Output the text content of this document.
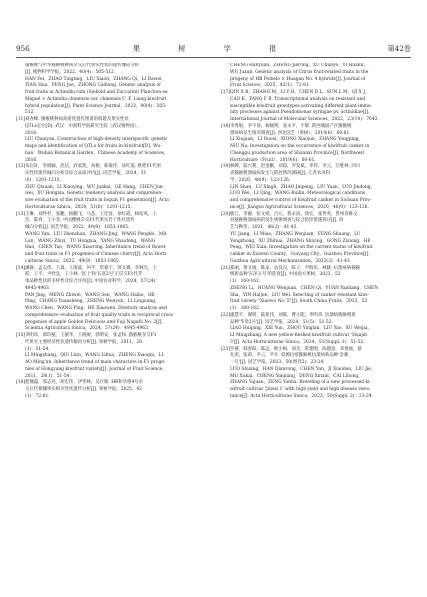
956	果 树 学 报	第42卷
猕猴桃与中华猕猴桃种间杂交后代果实性状的遗传倾向分析
[J]. 植物科学学报，2022，40(4)：505-512.
HAN Fei，ZHAO Tingting，LIU Xiaoli，ZHANG Qi，LI Dawei，
TIAN Hua，PENG Jue，ZHONG Caihong. Genetic analysis of
fruit traits in Actinidia rufa (Siebold and Zuccarini) Planchon ex
Miquel × Actinidia chinensis var. chinensis C. F. Liang kiwifruit
hybrid population[J]. Plant Science Journal，2022，40(4)：505-
512.
[11] 刘春峰. 猕猴桃种间高密度遗传图谱的构建及果实性状
QTLs定位[D]. 武汉：中国科学院研究生院（武汉植物园），
2016.
LIU Chunyan. Construction of high-density interspecific genetic
maps and identification of QTLs for fruits in kiwifruit[D]. Wu-
han：Wuhan Botanical Garden，Chinese Academy of Sciences，
2016.
[12] 朱启轩，李晓颖，武洁，武家凯，高根，陈俊伟，徐红霞. 枇杷F1代果
实性状遗传倾向分析及综合品质评价[J]. 园艺学报，2024，51
(6)：1201-1215.
ZHU Qixuan，LI Xiaoying，WU Junkai，GE Hang，CHEN Jun-
wei，XU Hongxia. Genetic tendency analysis and comprehen-
sive evaluation of the fruit traits in loquat F1 generation[J]. Acta
Horticulturae Sinica，2024，51(6)：1201-1215.
[13] 王琳，刘怀杉，张鹏，杨鹏飞，马荟，王佳蓉，徐红霞，杨绍凤，王
浩，陈春，王小菲. 中国樱桃杂交F1代果实若干性状遗传
倾向分析[J]. 园艺学报，2022，49(9)：1853-1865.
WANG Yan，LIU Zhenshan，ZHANG Jing，WANG Pengfei，MA
Lun，WANG Zhiyi，TU Hongxia，YANG Shaofeng，WANG
Hao，CHEN Tao，WANG Xiaorong. Inheritance trend of flower
and fruit traits in F1 progenies of Chinese cherry[J]. Acta Horti-
culturae Sinica，2022，49(9)：1853-1865.
[14] 潘静，孟志伟，王森，王海波，何平，常蒙宇，郭文赛，李林光，王
跃，王平，尹欣宜，王小林. '富士'和'长富2号'正反交F1代苹
果品种性状的多样性及综合评价[J]. 中国农业科学，2024，57(24)：
4945-4963.
PAN Jing，MENG Zhiwei，WANG Sen，WANG Haibo，HE
Ping，CHANG Yuansheng，ZHENG Wenyun，LI Linguang，
WANG Chen，WANG Ping，HE Xiaowen. Diversity analysis and
comprehensive evaluation of fruit quality traits in reciprocal cross
progenies of apple Golden Delicious and Fuji Nagafu No. 2[J].
Scientia Agricultura Sinica，2024，57(24)：4945-4963.
[15] 李明章，邱均植，王骏华，王晓俊，郭明安，张孟和. 猕猴桃杂交F1
代果实主要经济性状遗传倾向分析[J]. 果树学报，2011，28
(1)：51-54.
LI Mingzhang，QIU Linu，WANG Lihua，ZHENG Xiaoqin，LI-
AO Ming'an. Inheritance trend of main characters in F1 proge-
nies of Hongyang kiwifruit variety[J]. Journal of Fruit Science，
2011，28(1)：51-54.
[16] 程豫磊，邹志亮，胡宏伟，伊华林，吴巨勋. HB和华柑4号杂
交后代柑橘果实相关性状遗传分析[J]. 果树学报，2025，42
(1)：72-81.
CHENG Hanyuan，ZHENG Jierong，XU Chunye，YI Hualin，
WU Juxun. Genetic analysis of Citrus fruit-related traits in the
progeny of HB Pomelo × Huagan No. 4 hybrids[J]. Journal of
Fruit Science，2025，42(1)：72-81.
[17] QIN X B，ZHANG M，LI Y H，CHEN D L，SUN L M，QI X J，
CAO K，FANG F B. Transcriptional analysis on resistant and
susceptible kiwifruit genotypes activating different plant-immu-
nity processes against Pseudomonas syringae pv. actinidiae[J].
International Journal of Molecular Sciences，2022，23(14)：7643.
[18] 李秀娟，李宇徐，杨婉瑛，张永平，牛黎. 陕西城固产区猕猴桃
溃疡病发生情况调查[J]. 西北园艺（果树），2019(6)：60-61.
LI Xiujuan，LI Duoxi，XIONG Xiaojun，ZHANG Yongping，
NIU Na. Investigation on the occurrence of kiwifruit canker in
Chenggu production area of Shaanxi Province[J]. Northwest
Horticulture（Fruit），2019(6)：60-61.
[19] 林嫦，陆兴利，赵金鹏，刘琼，罗发斌，李伟，李云，汪胜林. 四川
省猕猴桃溃疡病发生与防控情况调研[J]. 江苏农业科
学，2020，48(9)：123-126.
LIN Shan，LU Xingli，ZHAO Jinpeng，LIU Yuan，LUO Jindong，
LUO Wei，LI Qing，WANG Ruilin. Meteorological conditions
and comprehensive control of kiwifruit canker in Sichuan Prov-
ince[J]. Jiangsu Agricultural Sciences，2020，48(9)：123-126.
[20] 鹿江，李静，张文娟，吕元，程永清，徐宏，张世英，贵州省修文
县猕猴桃溃疡病的发生规律调查与综合防控措施探讨[J]. 园
艺与种苗，2021，46(2)：41-43.
YU Jiang，LI Miao，ZHANG Wenjuan，FENG Shuang，LU
Yongzhong，XU Zhihua，ZHANG Shiying，GONG Zixiong，HE
Peng，WEI Xian. Investigation on the current status of kiwifruit
canker in Xiuwen County，Guiyang City，Guizhou Province[J].
Guizhou Agricultural Mechanization，2022(3)：41-43.
[21] 郑丽，黄文娟，陈泰，袁良良，陈子，尹海军，林晓. 抗溃疡病猕猴
桃新品种'东泽五号'的选育[J]. 中国南方果树，2023，52
(1)：160-162.
ZHENG Li，HUANG Wenjuan，CHEN Qi，YUAN Yanliang，CHEN
Sha，YIN Haijun，LIU Wei. Selecting of canker resistant kiwi-
fruit variety "Xiaowo No. 5"[J]. South China Fruits，2023，52
(1)：160-162.
[22] 廖慧平，谢明，陆苑伟，刘陈，曹小能，李明章. 抗溃病猕猴桃新
品种'华金3号'[J]. 园艺学报，2024，51(5)：51-52.
LIAO Huiping，XIE Yun，ZHOU Yinglan，LIU Yao，XU Weijia，
LI Mingzhang. A new yellow-fleshed kiwifruit cultivar 'Huajin
3'[J]. Acta Horticulturae Sinica，2024，51(Suppl. 1)：51-52.
[23] 罗赛，韩春阳，陈远，欧小梅，刘杰，常建刚，陈德富，邓勇强，蔡
扎鸿，张莉，李云，尹开. 低源抗寒猕猴桃抗溃病新品种'金赛
一号'[J]. 园艺学报，2023，50(增刊2)：23-24.
LUO Shuang，HAN Qianrong，CHEN Yan，JI Xiaomei，LIU Jie，
MU Xukai，CHENG Yanjiang，DENG Xinxin，CAI Lihong，
ZHANG Yajuan，ZENG Yanliu. Breeding of a new processed ki-
wifruit cultivar 'Jinsai 1' with high yield and high disease resis-
tance[J]. Acta Horticulturae Sinica，2023，50(Suppl. 2)：23-24.
